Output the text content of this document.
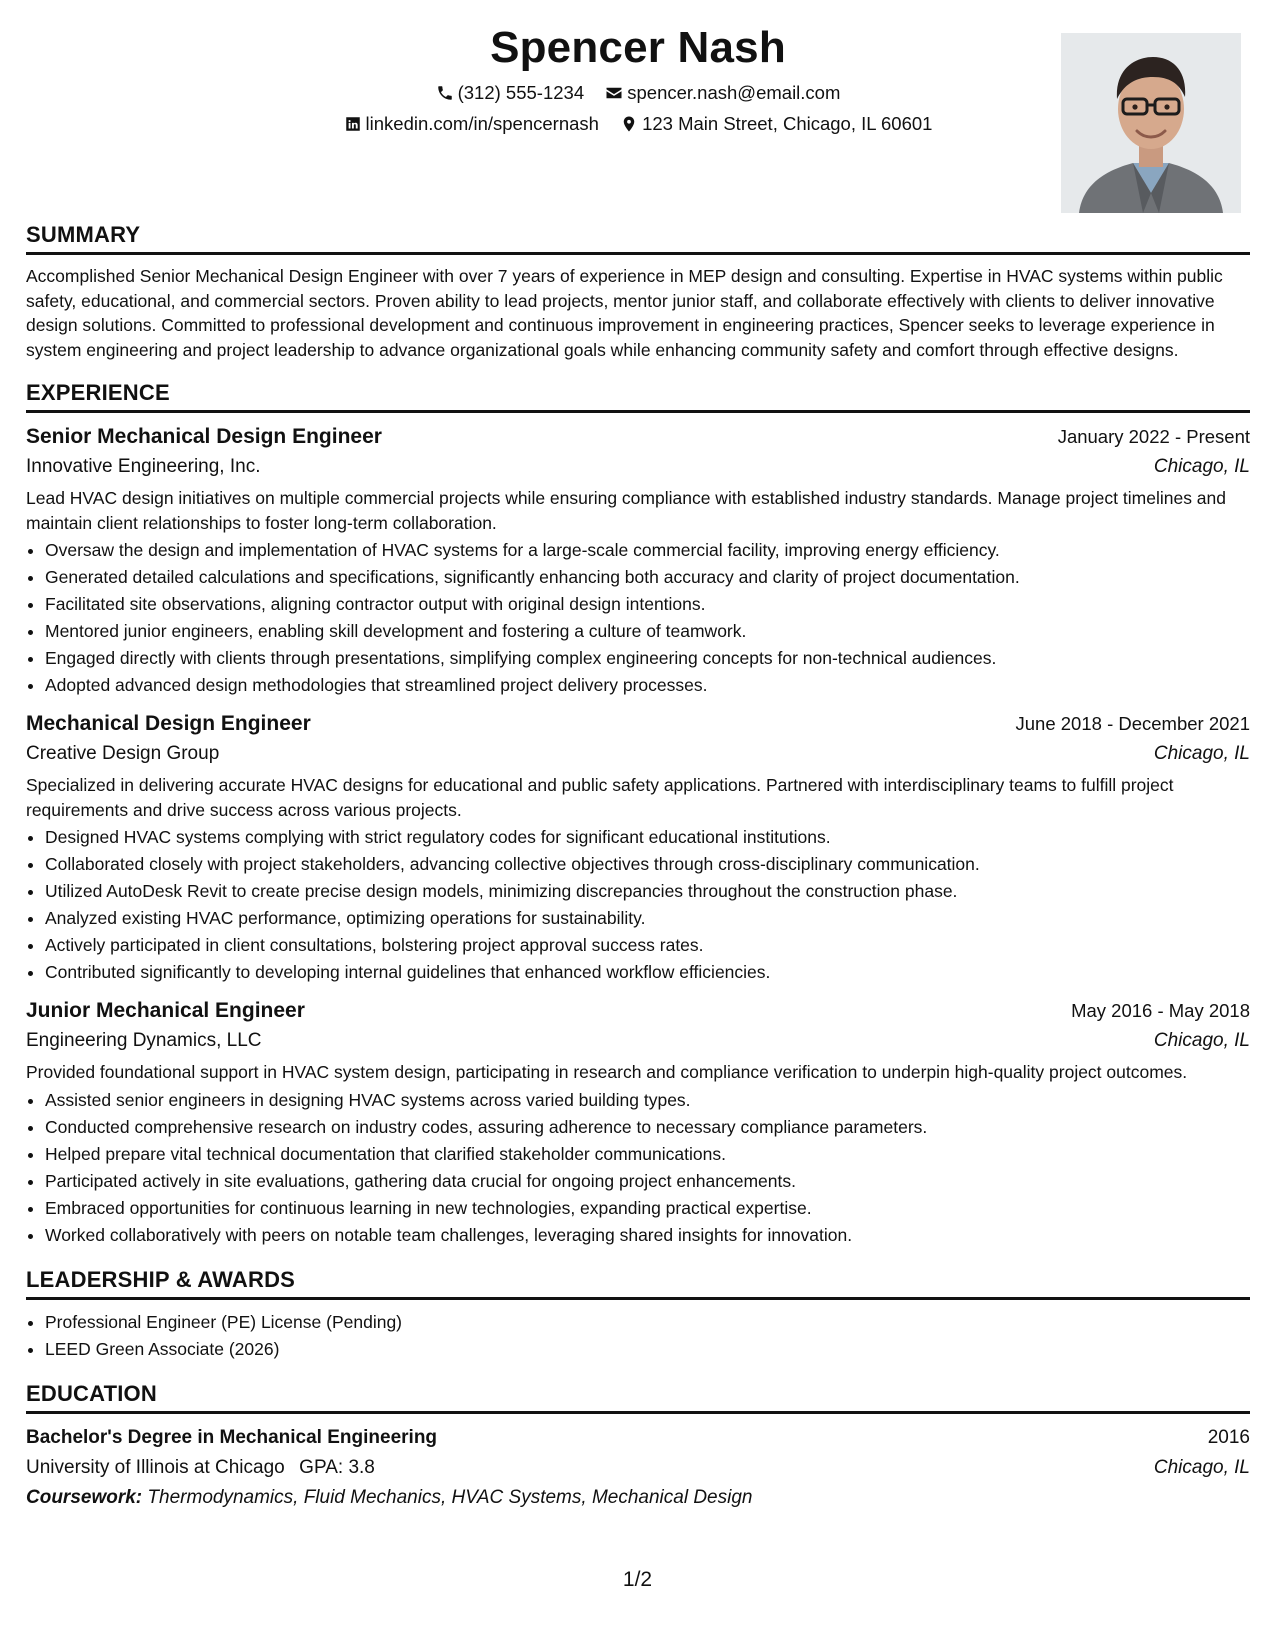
Spencer Nash
(312) 555-1234
spencer.nash@email.com
linkedin.com/in/spencernash
123 Main Street, Chicago, IL 60601
SUMMARY
Accomplished Senior Mechanical Design Engineer with over 7 years of experience in MEP design and consulting. Expertise in HVAC systems within public safety, educational, and commercial sectors. Proven ability to lead projects, mentor junior staff, and collaborate effectively with clients to deliver innovative design solutions. Committed to professional development and continuous improvement in engineering practices, Spencer seeks to leverage experience in system engineering and project leadership to advance organizational goals while enhancing community safety and comfort through effective designs.
EXPERIENCE
Senior Mechanical Design Engineer	January 2022 - Present
Innovative Engineering, Inc.	Chicago, IL
Lead HVAC design initiatives on multiple commercial projects while ensuring compliance with established industry standards. Manage project timelines and maintain client relationships to foster long-term collaboration.
• Oversaw the design and implementation of HVAC systems for a large-scale commercial facility, improving energy efficiency.
• Generated detailed calculations and specifications, significantly enhancing both accuracy and clarity of project documentation.
• Facilitated site observations, aligning contractor output with original design intentions.
• Mentored junior engineers, enabling skill development and fostering a culture of teamwork.
• Engaged directly with clients through presentations, simplifying complex engineering concepts for non-technical audiences.
• Adopted advanced design methodologies that streamlined project delivery processes.
Mechanical Design Engineer	June 2018 - December 2021
Creative Design Group	Chicago, IL
Specialized in delivering accurate HVAC designs for educational and public safety applications. Partnered with interdisciplinary teams to fulfill project requirements and drive success across various projects.
• Designed HVAC systems complying with strict regulatory codes for significant educational institutions.
• Collaborated closely with project stakeholders, advancing collective objectives through cross-disciplinary communication.
• Utilized AutoDesk Revit to create precise design models, minimizing discrepancies throughout the construction phase.
• Analyzed existing HVAC performance, optimizing operations for sustainability.
• Actively participated in client consultations, bolstering project approval success rates.
• Contributed significantly to developing internal guidelines that enhanced workflow efficiencies.
Junior Mechanical Engineer	May 2016 - May 2018
Engineering Dynamics, LLC	Chicago, IL
Provided foundational support in HVAC system design, participating in research and compliance verification to underpin high-quality project outcomes.
• Assisted senior engineers in designing HVAC systems across varied building types.
• Conducted comprehensive research on industry codes, assuring adherence to necessary compliance parameters.
• Helped prepare vital technical documentation that clarified stakeholder communications.
• Participated actively in site evaluations, gathering data crucial for ongoing project enhancements.
• Embraced opportunities for continuous learning in new technologies, expanding practical expertise.
• Worked collaboratively with peers on notable team challenges, leveraging shared insights for innovation.
LEADERSHIP & AWARDS
• Professional Engineer (PE) License (Pending)
• LEED Green Associate (2026)
EDUCATION
Bachelor's Degree in Mechanical Engineering	2016
University of Illinois at Chicago GPA: 3.8	Chicago, IL
Coursework: Thermodynamics, Fluid Mechanics, HVAC Systems, Mechanical Design
1/2
